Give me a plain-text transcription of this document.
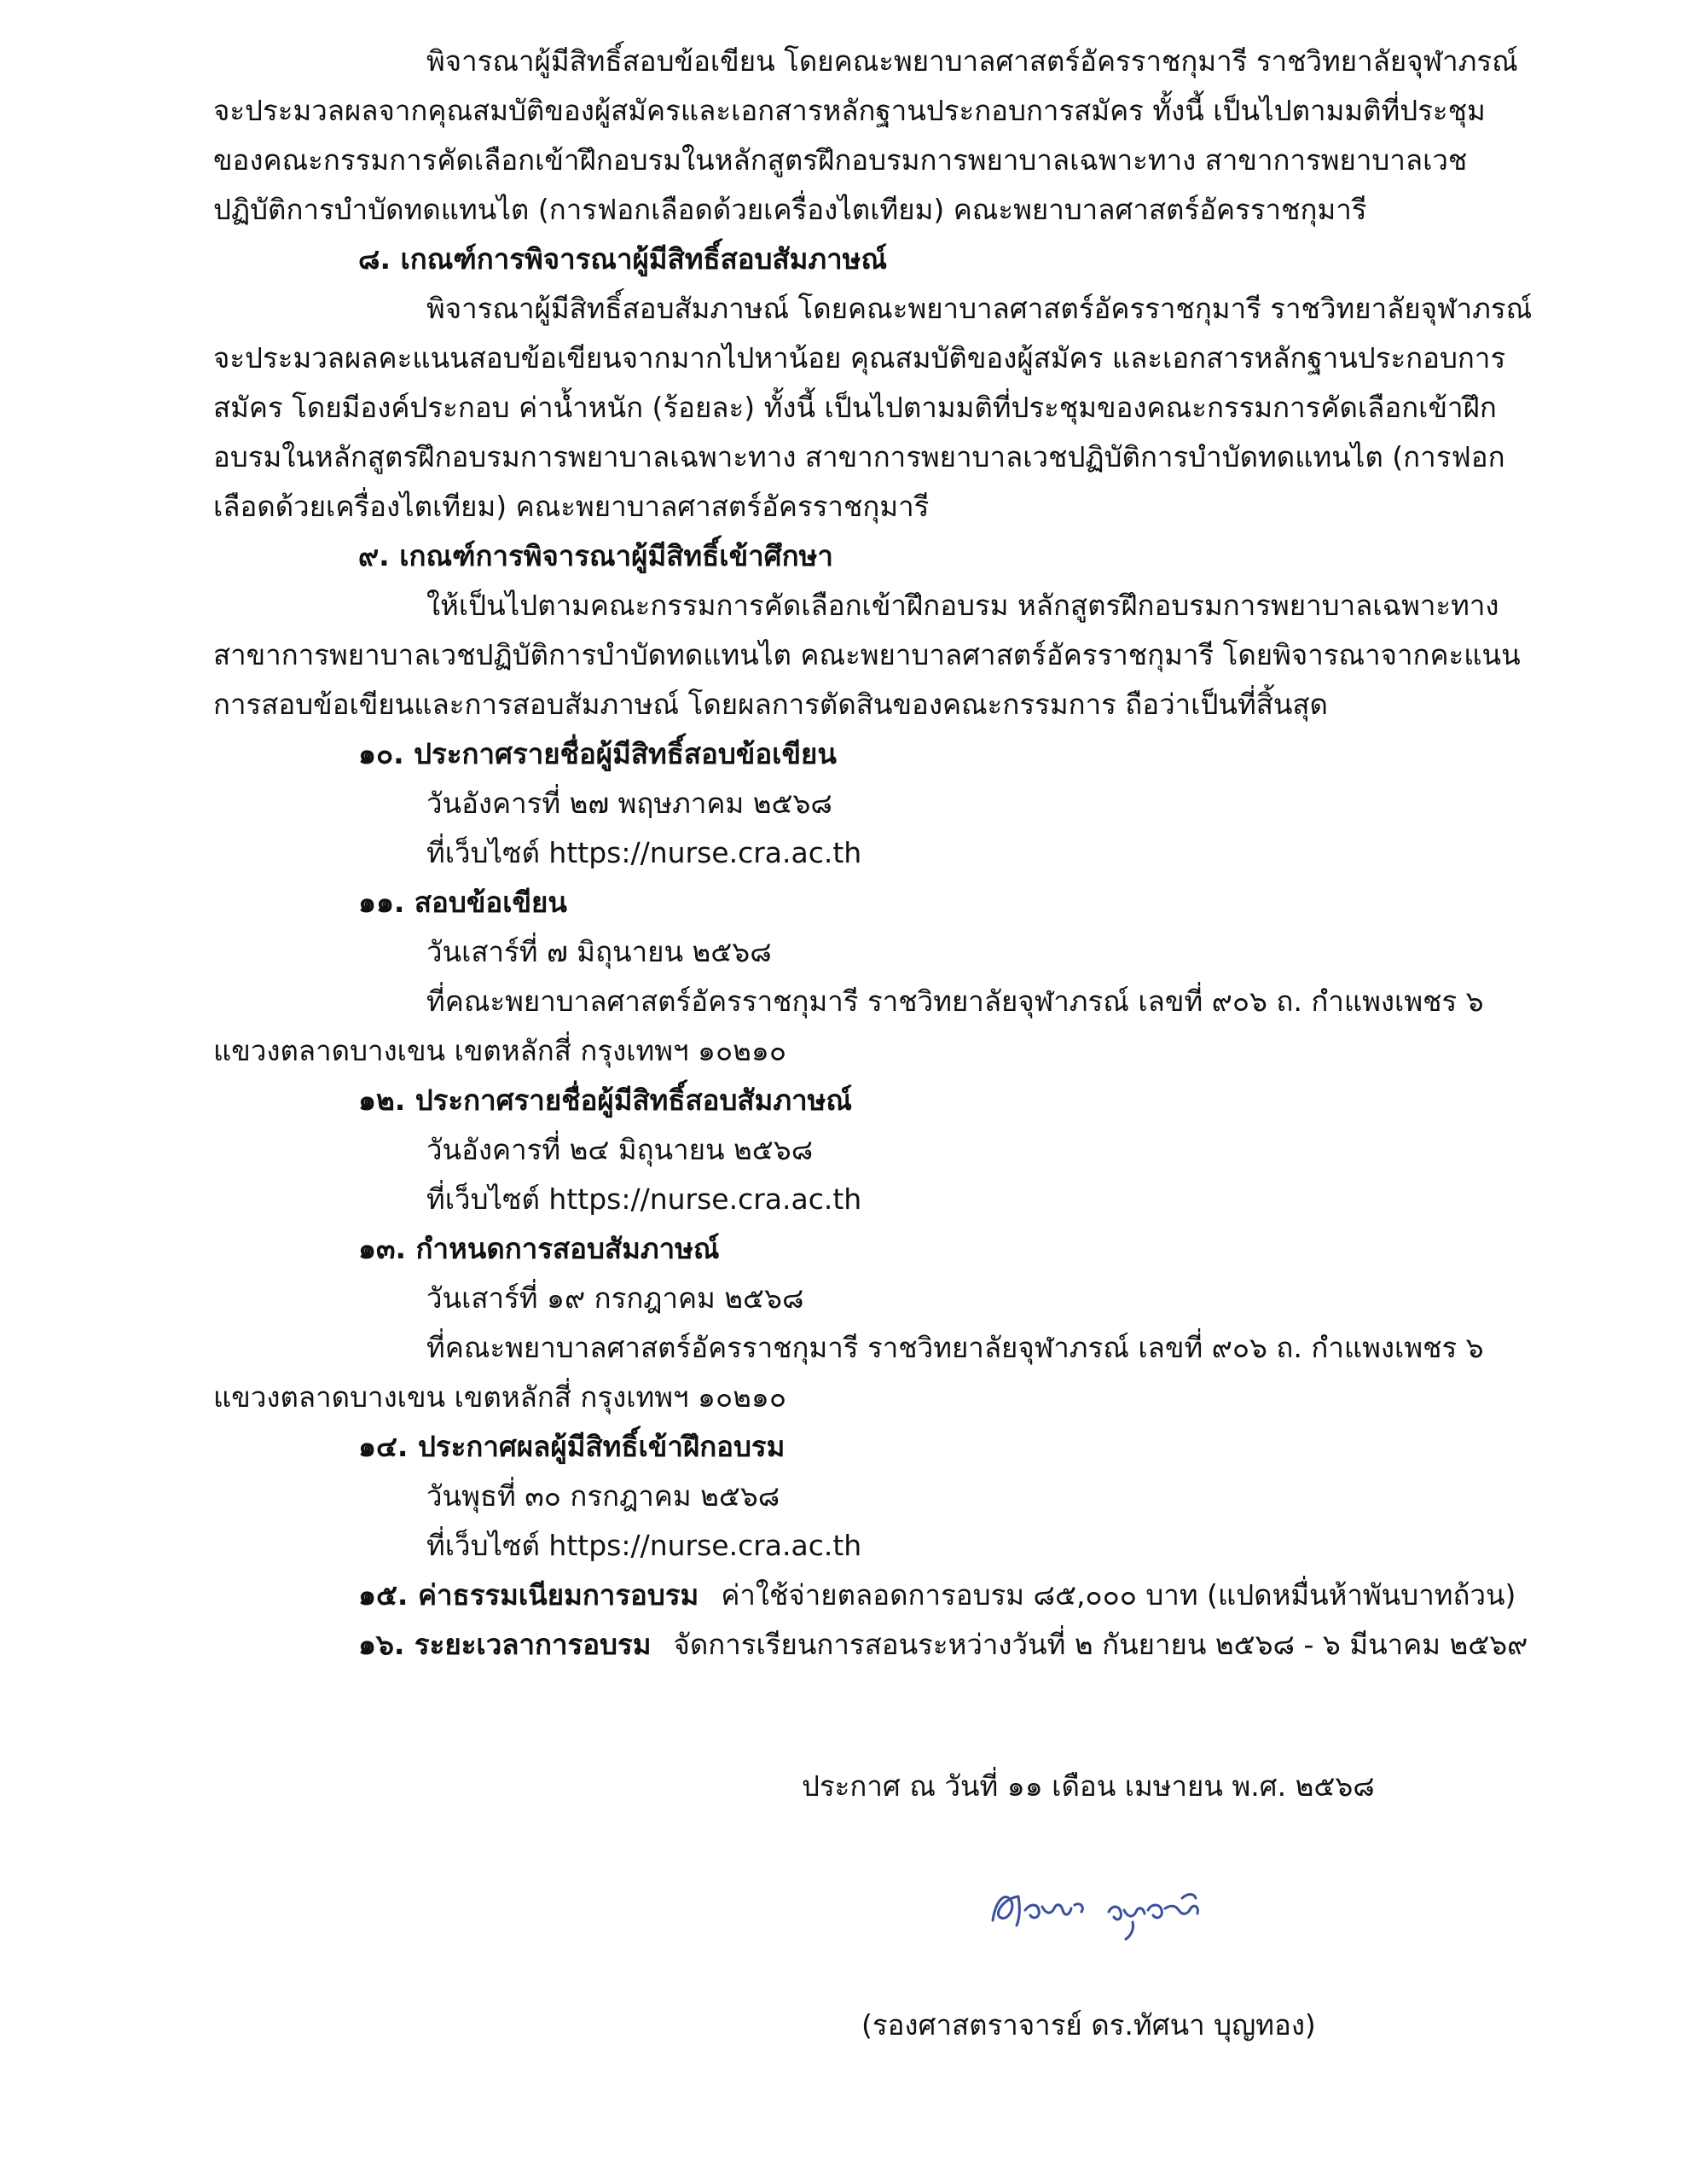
พิจารณาผู้มีสิทธิ์สอบข้อเขียน โดยคณะพยาบาลศาสตร์อัครราชกุมารี ราชวิทยาลัยจุฬาภรณ์
จะประมวลผลจากคุณสมบัติของผู้สมัครและเอกสารหลักฐานประกอบการสมัคร ทั้งนี้ เป็นไปตามมติที่ประชุม
ของคณะกรรมการคัดเลือกเข้าฝึกอบรมในหลักสูตรฝึกอบรมการพยาบาลเฉพาะทาง สาขาการพยาบาลเวช
ปฏิบัติการบำบัดทดแทนไต (การฟอกเลือดด้วยเครื่องไตเทียม) คณะพยาบาลศาสตร์อัครราชกุมารี
๘. เกณฑ์การพิจารณาผู้มีสิทธิ์สอบสัมภาษณ์
พิจารณาผู้มีสิทธิ์สอบสัมภาษณ์ โดยคณะพยาบาลศาสตร์อัครราชกุมารี ราชวิทยาลัยจุฬาภรณ์
จะประมวลผลคะแนนสอบข้อเขียนจากมากไปหาน้อย คุณสมบัติของผู้สมัคร และเอกสารหลักฐานประกอบการ
สมัคร โดยมีองค์ประกอบ ค่าน้ำหนัก (ร้อยละ) ทั้งนี้ เป็นไปตามมติที่ประชุมของคณะกรรมการคัดเลือกเข้าฝึก
อบรมในหลักสูตรฝึกอบรมการพยาบาลเฉพาะทาง สาขาการพยาบาลเวชปฏิบัติการบำบัดทดแทนไต (การฟอก
เลือดด้วยเครื่องไตเทียม) คณะพยาบาลศาสตร์อัครราชกุมารี
๙. เกณฑ์การพิจารณาผู้มีสิทธิ์เข้าศึกษา
ให้เป็นไปตามคณะกรรมการคัดเลือกเข้าฝึกอบรม หลักสูตรฝึกอบรมการพยาบาลเฉพาะทาง
สาขาการพยาบาลเวชปฏิบัติการบำบัดทดแทนไต คณะพยาบาลศาสตร์อัครราชกุมารี โดยพิจารณาจากคะแนน
การสอบข้อเขียนและการสอบสัมภาษณ์ โดยผลการตัดสินของคณะกรรมการ ถือว่าเป็นที่สิ้นสุด
๑๐. ประกาศรายชื่อผู้มีสิทธิ์สอบข้อเขียน
วันอังคารที่ ๒๗ พฤษภาคม ๒๕๖๘
ที่เว็บไซต์ https://nurse.cra.ac.th
๑๑. สอบข้อเขียน
วันเสาร์ที่ ๗ มิถุนายน ๒๕๖๘
ที่คณะพยาบาลศาสตร์อัครราชกุมารี ราชวิทยาลัยจุฬาภรณ์ เลขที่ ๙๐๖ ถ. กำแพงเพชร ๖
แขวงตลาดบางเขน เขตหลักสี่ กรุงเทพฯ ๑๐๒๑๐
๑๒. ประกาศรายชื่อผู้มีสิทธิ์สอบสัมภาษณ์
วันอังคารที่ ๒๔ มิถุนายน ๒๕๖๘
ที่เว็บไซต์ https://nurse.cra.ac.th
๑๓. กำหนดการสอบสัมภาษณ์
วันเสาร์ที่ ๑๙ กรกฎาคม ๒๕๖๘
ที่คณะพยาบาลศาสตร์อัครราชกุมารี ราชวิทยาลัยจุฬาภรณ์ เลขที่ ๙๐๖ ถ. กำแพงเพชร ๖
แขวงตลาดบางเขน เขตหลักสี่ กรุงเทพฯ ๑๐๒๑๐
๑๔. ประกาศผลผู้มีสิทธิ์เข้าฝึกอบรม
วันพุธที่ ๓๐ กรกฎาคม ๒๕๖๘
ที่เว็บไซต์ https://nurse.cra.ac.th
๑๕. ค่าธรรมเนียมการอบรม ค่าใช้จ่ายตลอดการอบรม ๘๕,๐๐๐ บาท (แปดหมื่นห้าพันบาทถ้วน)
๑๖. ระยะเวลาการอบรม จัดการเรียนการสอนระหว่างวันที่ ๒ กันยายน ๒๕๖๘ - ๖ มีนาคม ๒๕๖๙
ประกาศ ณ วันที่ ๑๑ เดือน เมษายน พ.ศ. ๒๕๖๘
(รองศาสตราจารย์ ดร.ทัศนา บุญทอง)
